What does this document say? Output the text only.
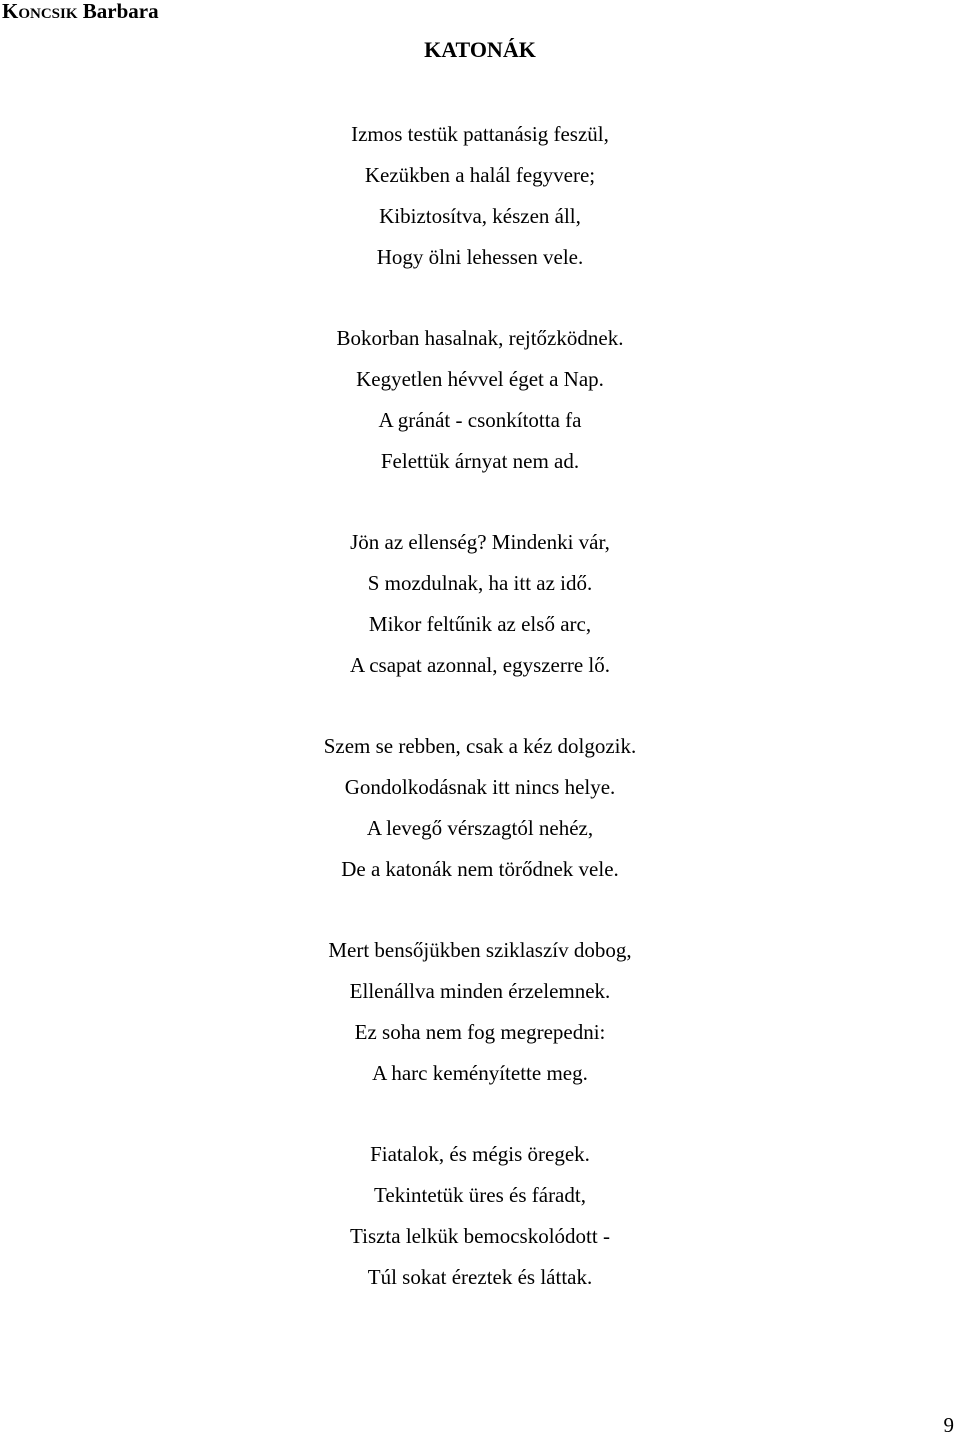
Koncsik Barbara
KATONÁK
Izmos testük pattanásig feszül,
Kezükben a halál fegyvere;
Kibiztosítva, készen áll,
Hogy ölni lehessen vele.
Bokorban hasalnak, rejtőzködnek.
Kegyetlen hévvel éget a Nap.
A gránát - csonkította fa
Felettük árnyat nem ad.
Jön az ellenség? Mindenki vár,
S mozdulnak, ha itt az idő.
Mikor feltűnik az első arc,
A csapat azonnal, egyszerre lő.
Szem se rebben, csak a kéz dolgozik.
Gondolkodásnak itt nincs helye.
A levegő vérszagtól nehéz,
De a katonák nem törődnek vele.
Mert bensőjükben sziklaszív dobog,
Ellenállva minden érzelemnek.
Ez soha nem fog megrepedni:
A harc keményítette meg.
Fiatalok, és mégis öregek.
Tekintetük üres és fáradt,
Tiszta lelkük bemocskolódott -
Túl sokat éreztek és láttak.
9
